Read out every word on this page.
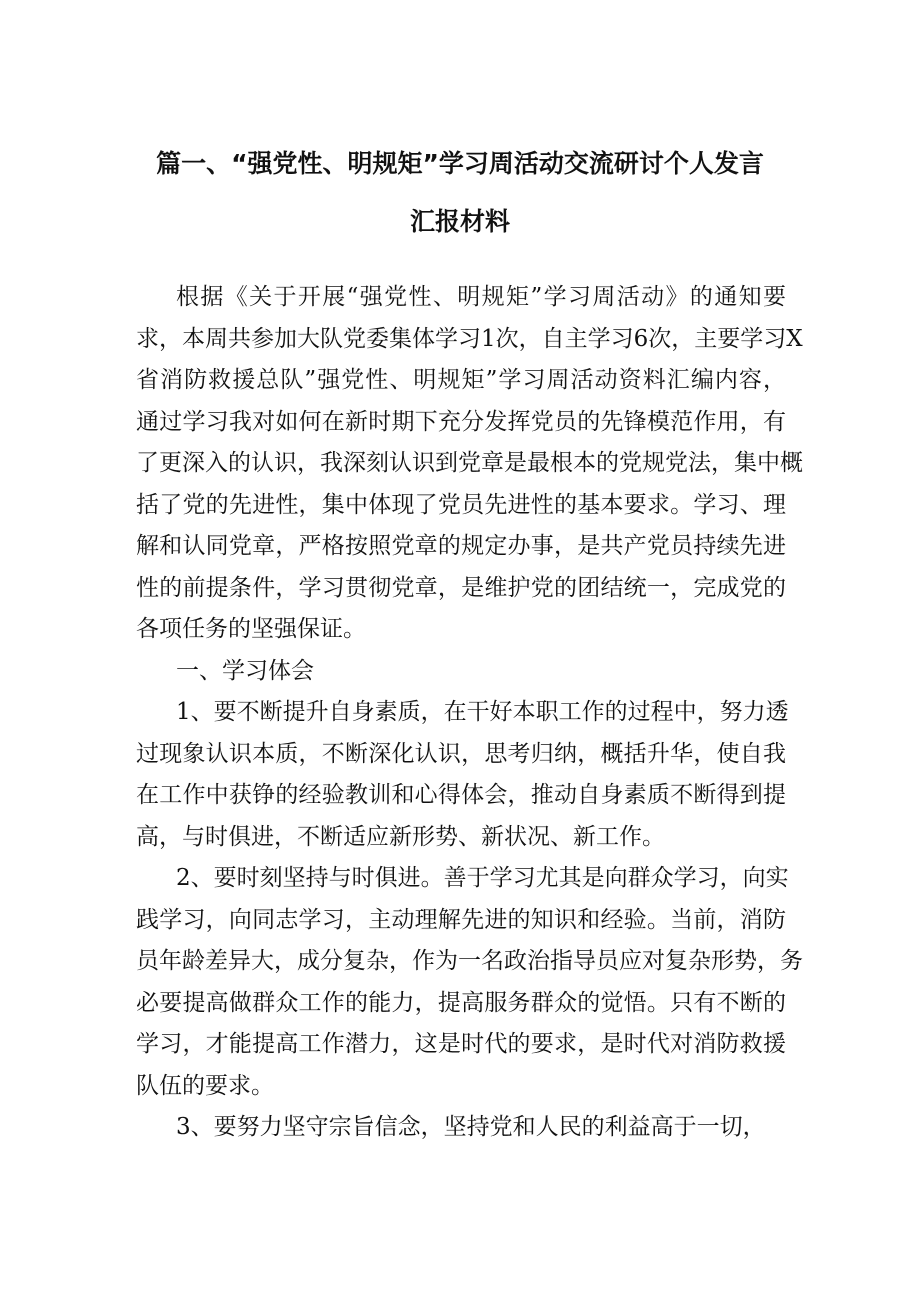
篇一、“强党性、明规矩”学习周活动交流研讨个人发言
汇报材料
根据《关于开展“强党性、明规矩”学习周活动》的通知要
求，本周共参加大队党委集体学习1次，自主学习6次，主要学习X
省消防救援总队”强党性、明规矩”学习周活动资料汇编内容，
通过学习我对如何在新时期下充分发挥党员的先锋模范作用，有
了更深入的认识，我深刻认识到党章是最根本的党规党法，集中概
括了党的先进性，集中体现了党员先进性的基本要求。学习、理
解和认同党章，严格按照党章的规定办事，是共产党员持续先进
性的前提条件，学习贯彻党章，是维护党的团结统一，完成党的
各项任务的坚强保证。
一、学习体会
1、要不断提升自身素质，在干好本职工作的过程中，努力透
过现象认识本质，不断深化认识，思考归纳，概括升华，使自我
在工作中获铮的经验教训和心得体会，推动自身素质不断得到提
高，与时俱进，不断适应新形势、新状况、新工作。
2、要时刻坚持与时俱进。善于学习尤其是向群众学习，向实
践学习，向同志学习，主动理解先进的知识和经验。当前，消防
员年龄差异大，成分复杂，作为一名政治指导员应对复杂形势，务
必要提高做群众工作的能力，提高服务群众的觉悟。只有不断的
学习，才能提高工作潜力，这是时代的要求，是时代对消防救援
队伍的要求。
3、要努力坚守宗旨信念，坚持党和人民的利益高于一切，
